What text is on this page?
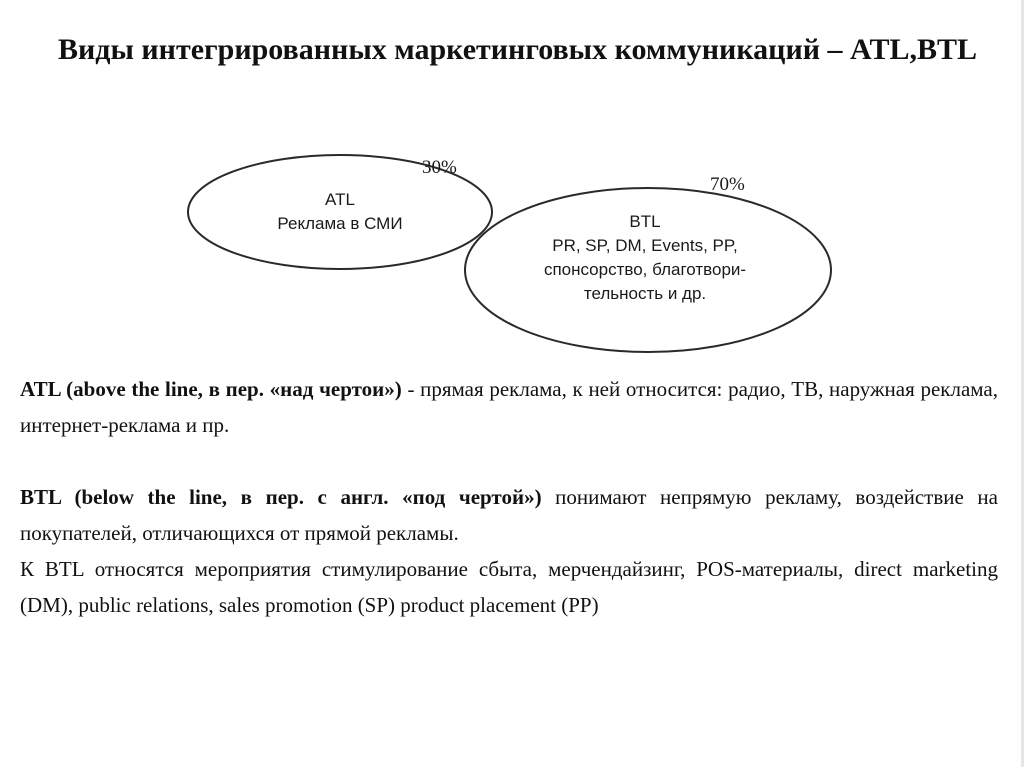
Виды интегрированных маркетинговых коммуникаций – ATL,BTL
30%
70%
ATL
Реклама в СМИ	BTL
PR, SP, DM, Events, PP,
спонсорство, благотвори-
тельность и др.

ATL (above the line, в пер. «над чертои») - прямая реклама, к ней относится: радио, ТВ, наружная реклама, интернет-реклама и пр.

BTL (below the line, в пер. с англ. «под чертой») понимают непрямую рекламу, воздействие на покупателей, отличающихся от прямой рекламы.

К BTL относятся мероприятия стимулирование сбыта, мерчендайзинг, POS-материалы, direct marketing (DM), public relations, sales promotion (SP) product placement (PP)
